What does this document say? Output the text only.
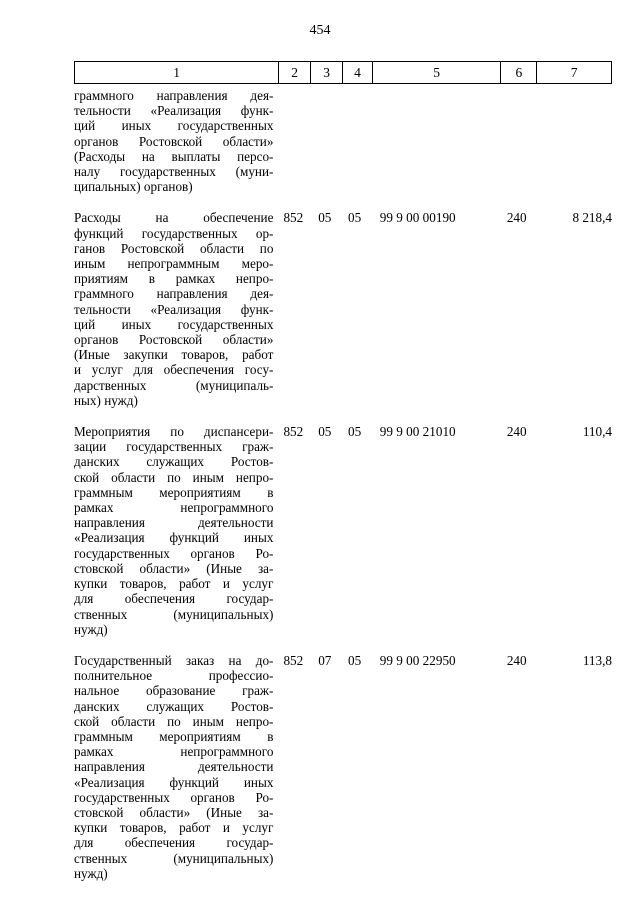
454
1	2	3	4	5	6	7
граммного направления дея-
тельности «Реализация функ-
ций иных государственных
органов Ростовской области»
(Расходы на выплаты персо-
налу государственных (муни-
ципальных) органов)
Расходы на обеспечение
функций государственных ор-
ганов Ростовской области по
иным непрограммным меро-
приятиям в рамках непро-
граммного направления дея-
тельности «Реализация функ-
ций иных государственных
органов Ростовской области»
(Иные закупки товаров, работ
и услуг для обеспечения госу-
дарственных (муниципаль-
ных) нужд)
852	05	05	99 9 00 00190	240	8 218,4
Мероприятия по диспансери-
зации государственных граж-
данских служащих Ростов-
ской области по иным непро-
граммным мероприятиям в
рамках непрограммного
направления деятельности
«Реализация функций иных
государственных органов Ро-
стовской области» (Иные за-
купки товаров, работ и услуг
для обеспечения государ-
ственных (муниципальных)
нужд)
852	05	05	99 9 00 21010	240	110,4
Государственный заказ на до-
полнительное професcио-
нальное образование граж-
данских служащих Ростов-
ской области по иным непро-
граммным мероприятиям в
рамках непрограммного
направления деятельности
«Реализация функций иных
государственных органов Ро-
стовской области» (Иные за-
купки товаров, работ и услуг
для обеспечения государ-
ственных (муниципальных)
нужд)
852	07	05	99 9 00 22950	240	113,8
